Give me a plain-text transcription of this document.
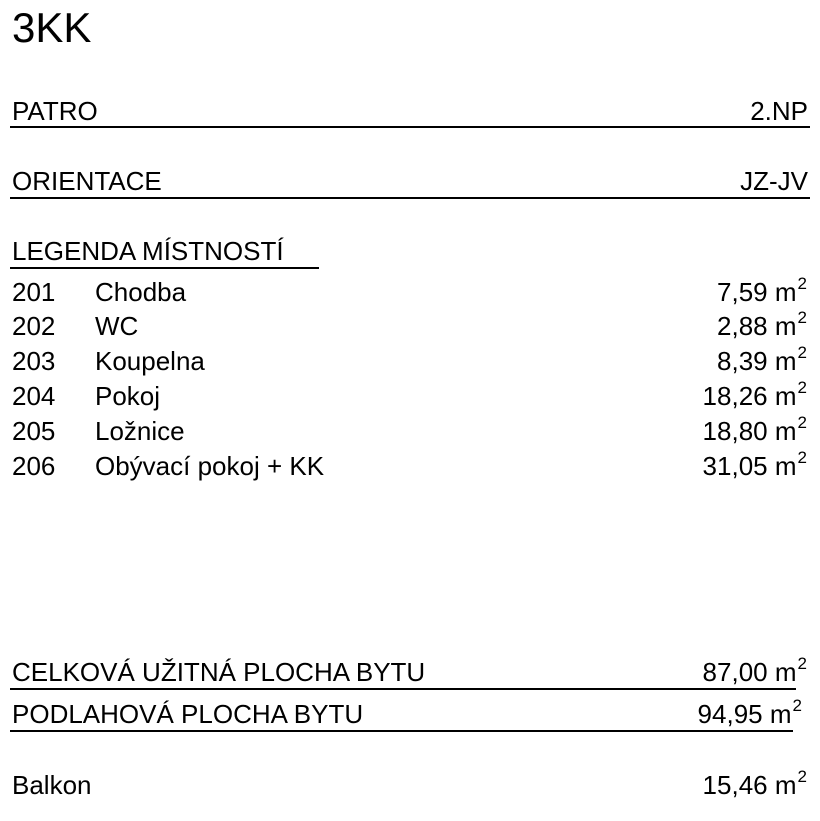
3KK
PATRO	2.NP
ORIENTACE	JZ-JV
LEGENDA MÍSTNOSTÍ
201 Chodba	7,59 $m^2$
202 WC	2,88 $m^2$
203 Koupelna	8,39 $m^2$
204 Pokoj	18,26 $m^2$
205 Ložnice	18,80 $m^2$
206 Obývací pokoj + KK	31,05 $m^2$
CELKOVÁ UŽITNÁ PLOCHA BYTU	87,00 $m^2$
PODLAHOVÁ PLOCHA BYTU	94,95 $m^2$
Balkon	15,46 $m^2$
